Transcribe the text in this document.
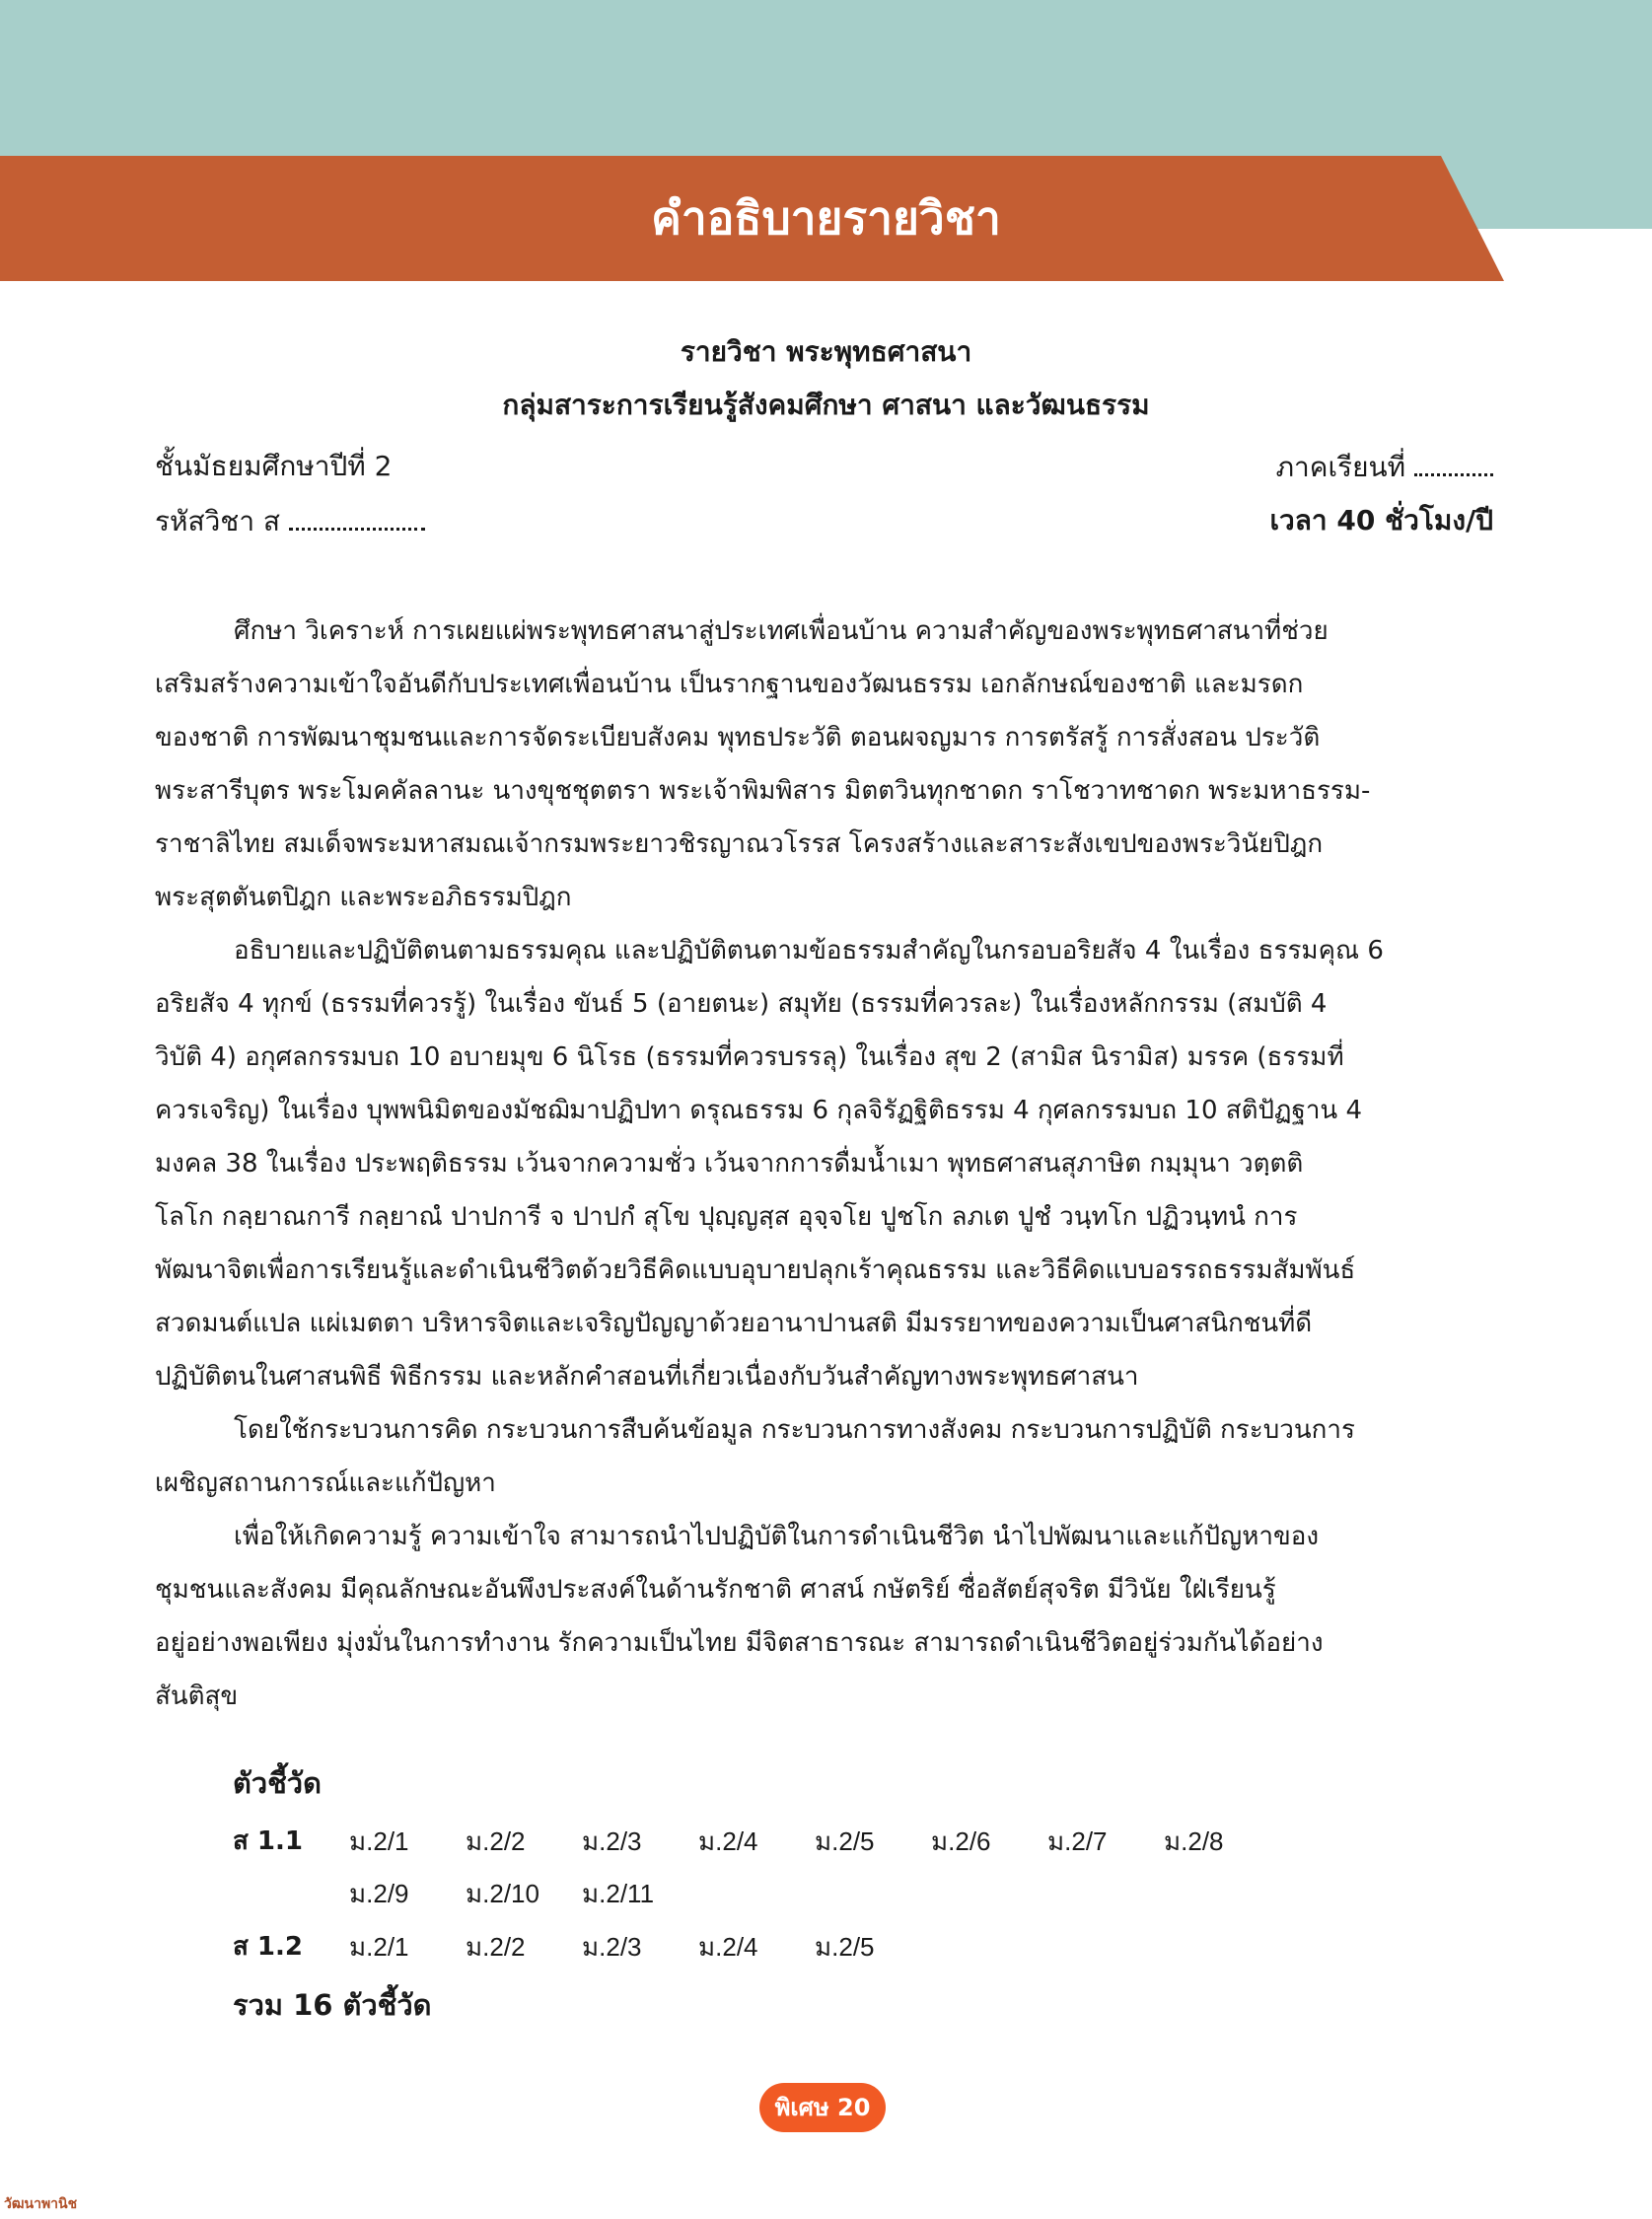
คำอธิบายรายวิชา
รายวิชา พระพุทธศาสนา
กลุ่มสาระการเรียนรู้สังคมศึกษา ศาสนา และวัฒนธรรม
ชั้นมัธยมศึกษาปีที่ 2	ภาคเรียนที่
รหัสวิชา ส	เวลา 40 ชั่วโมง/ปี
ศึกษา วิเคราะห์ การเผยแผ่พระพุทธศาสนาสู่ประเทศเพื่อนบ้าน ความสำคัญของพระพุทธศาสนาที่ช่วย
เสริมสร้างความเข้าใจอันดีกับประเทศเพื่อนบ้าน เป็นรากฐานของวัฒนธรรม เอกลักษณ์ของชาติ และมรดก
ของชาติ การพัฒนาชุมชนและการจัดระเบียบสังคม พุทธประวัติ ตอนผจญมาร การตรัสรู้ การสั่งสอน ประวัติ
พระสารีบุตร พระโมคคัลลานะ นางขุชชุตตรา พระเจ้าพิมพิสาร มิตตวินทุกชาดก ราโชวาทชาดก พระมหาธรรม-
ราชาลิไทย สมเด็จพระมหาสมณเจ้ากรมพระยาวชิรญาณวโรรส โครงสร้างและสาระสังเขปของพระวินัยปิฎก
พระสุตตันตปิฎก และพระอภิธรรมปิฎก
อธิบายและปฏิบัติตนตามธรรมคุณ และปฏิบัติตนตามข้อธรรมสำคัญในกรอบอริยสัจ 4 ในเรื่อง ธรรมคุณ 6
อริยสัจ 4 ทุกข์ (ธรรมที่ควรรู้) ในเรื่อง ขันธ์ 5 (อายตนะ) สมุทัย (ธรรมที่ควรละ) ในเรื่องหลักกรรม (สมบัติ 4
วิบัติ 4) อกุศลกรรมบถ 10 อบายมุข 6 นิโรธ (ธรรมที่ควรบรรลุ) ในเรื่อง สุข 2 (สามิส นิรามิส) มรรค (ธรรมที่
ควรเจริญ) ในเรื่อง บุพพนิมิตของมัชฌิมาปฏิปทา ดรุณธรรม 6 กุลจิรัฏฐิติธรรม 4 กุศลกรรมบถ 10 สติปัฏฐาน 4
มงคล 38 ในเรื่อง ประพฤติธรรม เว้นจากความชั่ว เว้นจากการดื่มน้ำเมา พุทธศาสนสุภาษิต กมฺมุนา วตฺตติ
โลโก กลฺยาณการี กลฺยาณํ ปาปการี จ ปาปกํ สุโข ปุญฺญสฺส อุจฺจโย ปูชโก ลภเต ปูชํ วนฺทโก ปฏิวนฺทนํ การ
พัฒนาจิตเพื่อการเรียนรู้และดำเนินชีวิตด้วยวิธีคิดแบบอุบายปลุกเร้าคุณธรรม และวิธีคิดแบบอรรถธรรมสัมพันธ์
สวดมนต์แปล แผ่เมตตา บริหารจิตและเจริญปัญญาด้วยอานาปานสติ มีมรรยาทของความเป็นศาสนิกชนที่ดี
ปฏิบัติตนในศาสนพิธี พิธีกรรม และหลักคำสอนที่เกี่ยวเนื่องกับวันสำคัญทางพระพุทธศาสนา
โดยใช้กระบวนการคิด กระบวนการสืบค้นข้อมูล กระบวนการทางสังคม กระบวนการปฏิบัติ กระบวนการ
เผชิญสถานการณ์และแก้ปัญหา
เพื่อให้เกิดความรู้ ความเข้าใจ สามารถนำไปปฏิบัติในการดำเนินชีวิต นำไปพัฒนาและแก้ปัญหาของ
ชุมชนและสังคม มีคุณลักษณะอันพึงประสงค์ในด้านรักชาติ ศาสน์ กษัตริย์ ซื่อสัตย์สุจริต มีวินัย ใฝ่เรียนรู้
อยู่อย่างพอเพียง มุ่งมั่นในการทำงาน รักความเป็นไทย มีจิตสาธารณะ สามารถดำเนินชีวิตอยู่ร่วมกันได้อย่าง
สันติสุข
ตัวชี้วัด
ส 1.1	ม.2/1	ม.2/2	ม.2/3	ม.2/4	ม.2/5	ม.2/6	ม.2/7	ม.2/8
ม.2/9	ม.2/10	ม.2/11
ส 1.2	ม.2/1	ม.2/2	ม.2/3	ม.2/4	ม.2/5
รวม 16 ตัวชี้วัด
พิเศษ 20
วัฒนาพานิช
